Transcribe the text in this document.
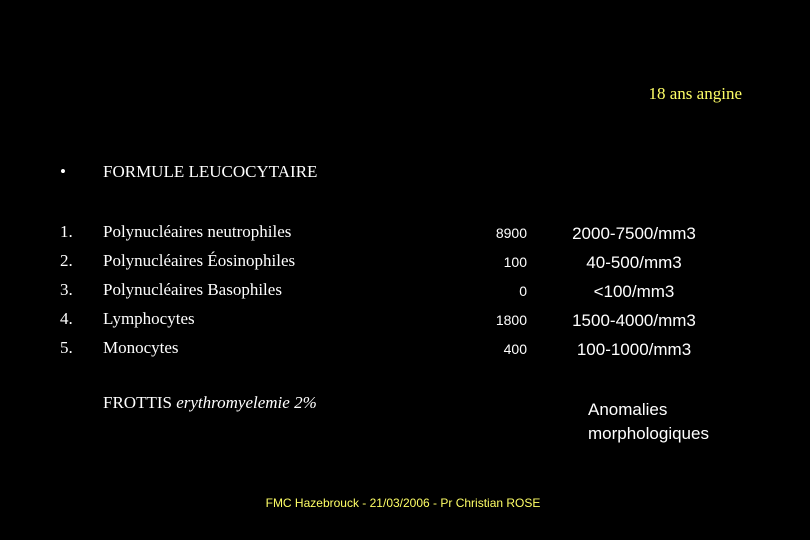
18 ans angine
• FORMULE LEUCOCYTAIRE
1. Polynucléaires neutrophiles	8900	2000-7500/mm3
2. Polynucléaires Éosinophiles	100	40-500/mm3
3. Polynucléaires Basophiles	0	<100/mm3
4. Lymphocytes	1800	1500-4000/mm3
5. Monocytes	400	100-1000/mm3
FROTTIS erythromyelemie 2%	Anomalies
morphologiques
FMC Hazebrouck - 21/03/2006 - Pr Christian ROSE
